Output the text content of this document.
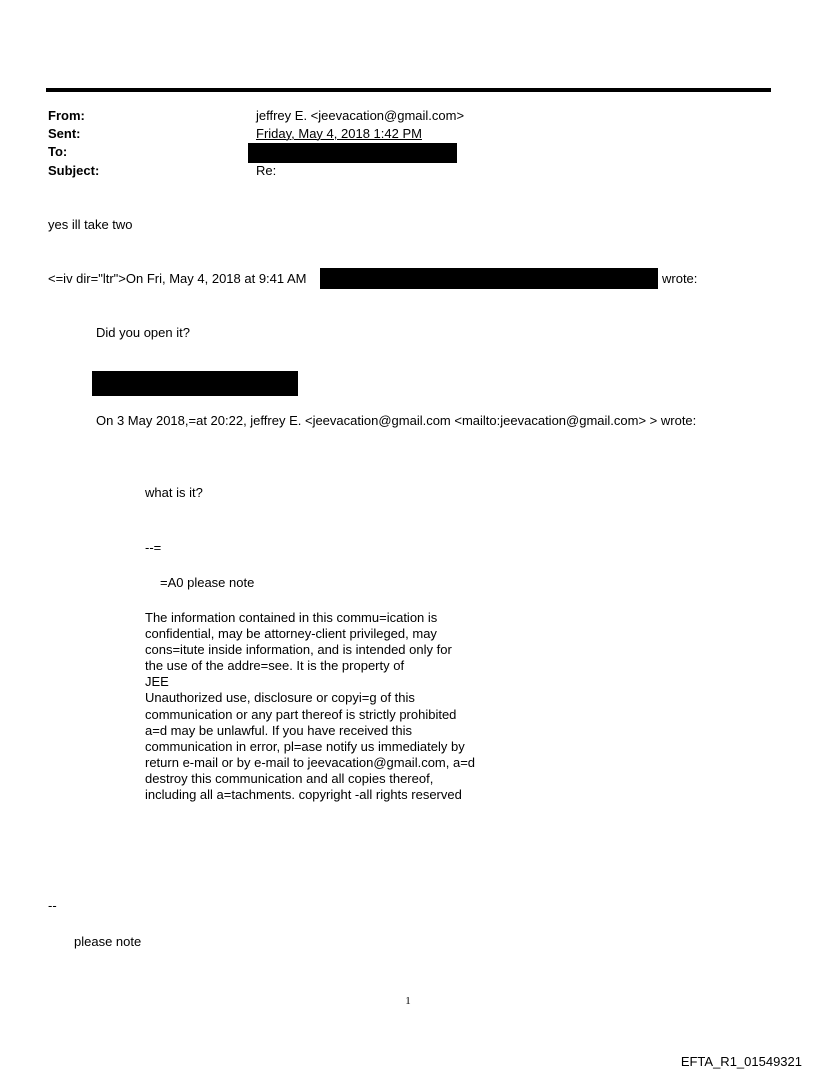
From:	jeffrey E. <jeevacation@gmail.com>
Sent:	Friday, May 4, 2018 1:42 PM
To:
Subject:	Re:
yes ill take two
<=iv dir="ltr">On Fri, May 4, 2018 at 9:41 AM	wrote:
Did you open it?
On 3 May 2018,=at 20:22, jeffrey E. <jeevacation@gmail.com <mailto:jeevacation@gmail.com> > wrote:
what is it?
--=
=A0 please note
The information contained in this commu=ication is
confidential, may be attorney-client privileged, may
cons=itute inside information, and is intended only for
the use of the addre=see. It is the property of
JEE
Unauthorized use, disclosure or copyi=g of this
communication or any part thereof is strictly prohibited
a=d may be unlawful. If you have received this
communication in error, pl=ase notify us immediately by
return e-mail or by e-mail to jeevacation@gmail.com, a=d
destroy this communication and all copies thereof,
including all a=tachments. copyright -all rights reserved
--
please note
1
EFTA_R1_01549321
